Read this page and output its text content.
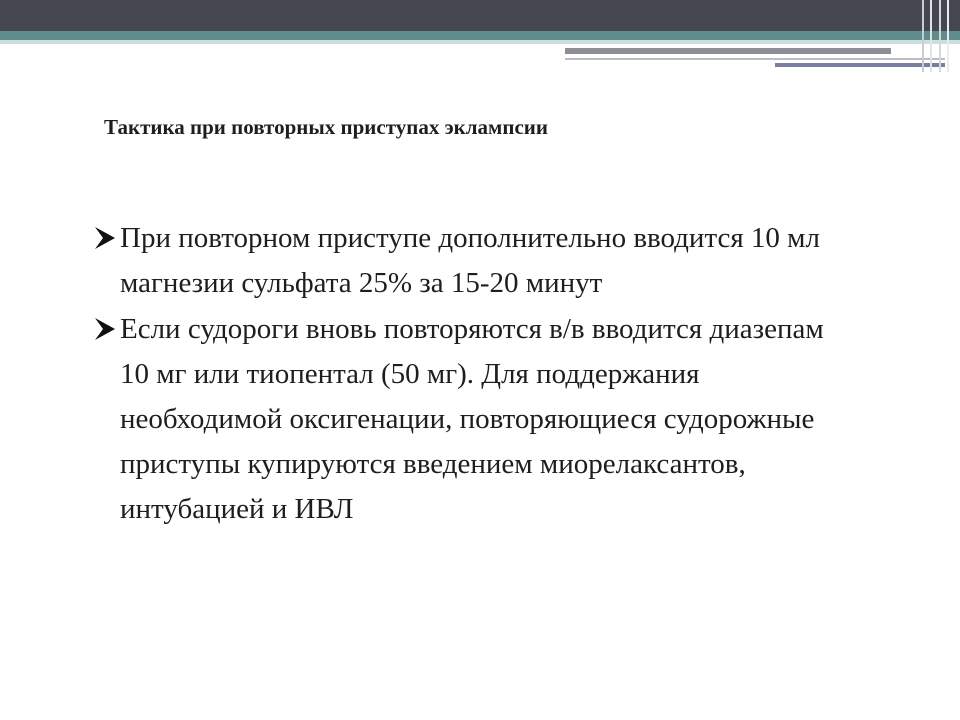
Тактика при повторных приступах эклампсии
При повторном приступе дополнительно вводится 10 мл магнезии сульфата 25% за 15-20 минут
Если судороги вновь повторяются в/в вводится диазепам 10 мг или тиопентал (50 мг). Для поддержания необходимой оксигенации, повторяющиеся судорожные приступы купируются введением миорелаксантов, интубацией и ИВЛ
